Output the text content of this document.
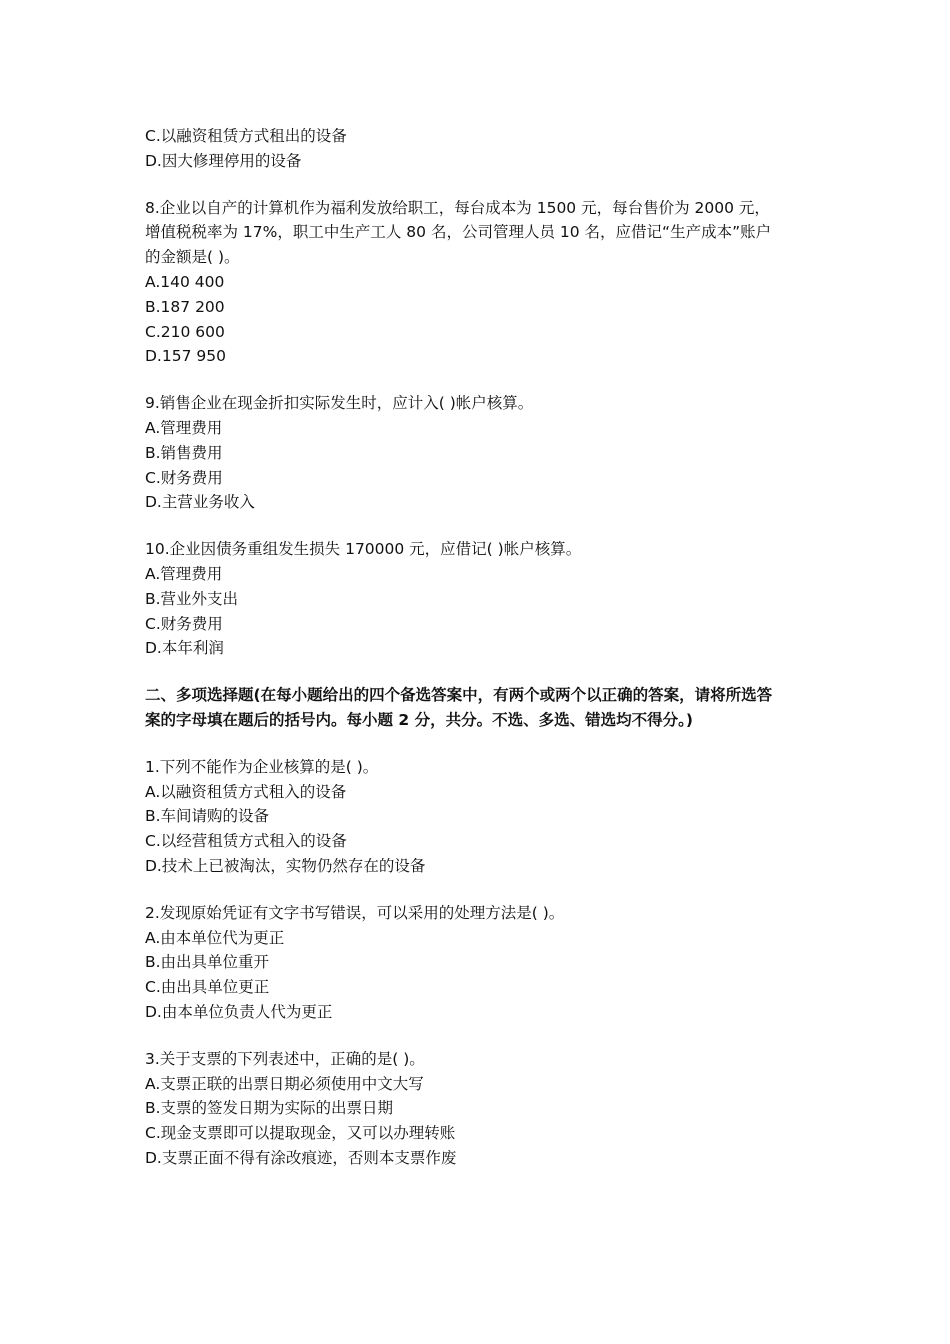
C.以融资租赁方式租出的设备
D.因大修理停用的设备
8.企业以自产的计算机作为福利发放给职工，每台成本为 1500 元，每台售价为 2000 元，
增值税税率为 17%，职工中生产工人 80 名，公司管理人员 10 名，应借记“生产成本”账户
的金额是( )。
A.140 400
B.187 200
C.210 600
D.157 950
9.销售企业在现金折扣实际发生时，应计入( )帐户核算。
A.管理费用
B.销售费用
C.财务费用
D.主营业务收入
10.企业因债务重组发生损失 170000 元，应借记( )帐户核算。
A.管理费用
B.营业外支出
C.财务费用
D.本年利润
二、多项选择题(在每小题给出的四个备选答案中，有两个或两个以正确的答案，请将所选答
案的字母填在题后的括号内。每小题 2 分，共分。不选、多选、错选均不得分。)
1.下列不能作为企业核算的是( )。
A.以融资租赁方式租入的设备
B.车间请购的设备
C.以经营租赁方式租入的设备
D.技术上已被淘汰，实物仍然存在的设备
2.发现原始凭证有文字书写错误，可以采用的处理方法是( )。
A.由本单位代为更正
B.由出具单位重开
C.由出具单位更正
D.由本单位负责人代为更正
3.关于支票的下列表述中，正确的是( )。
A.支票正联的出票日期必须使用中文大写
B.支票的签发日期为实际的出票日期
C.现金支票即可以提取现金，又可以办理转账
D.支票正面不得有涂改痕迹，否则本支票作废
